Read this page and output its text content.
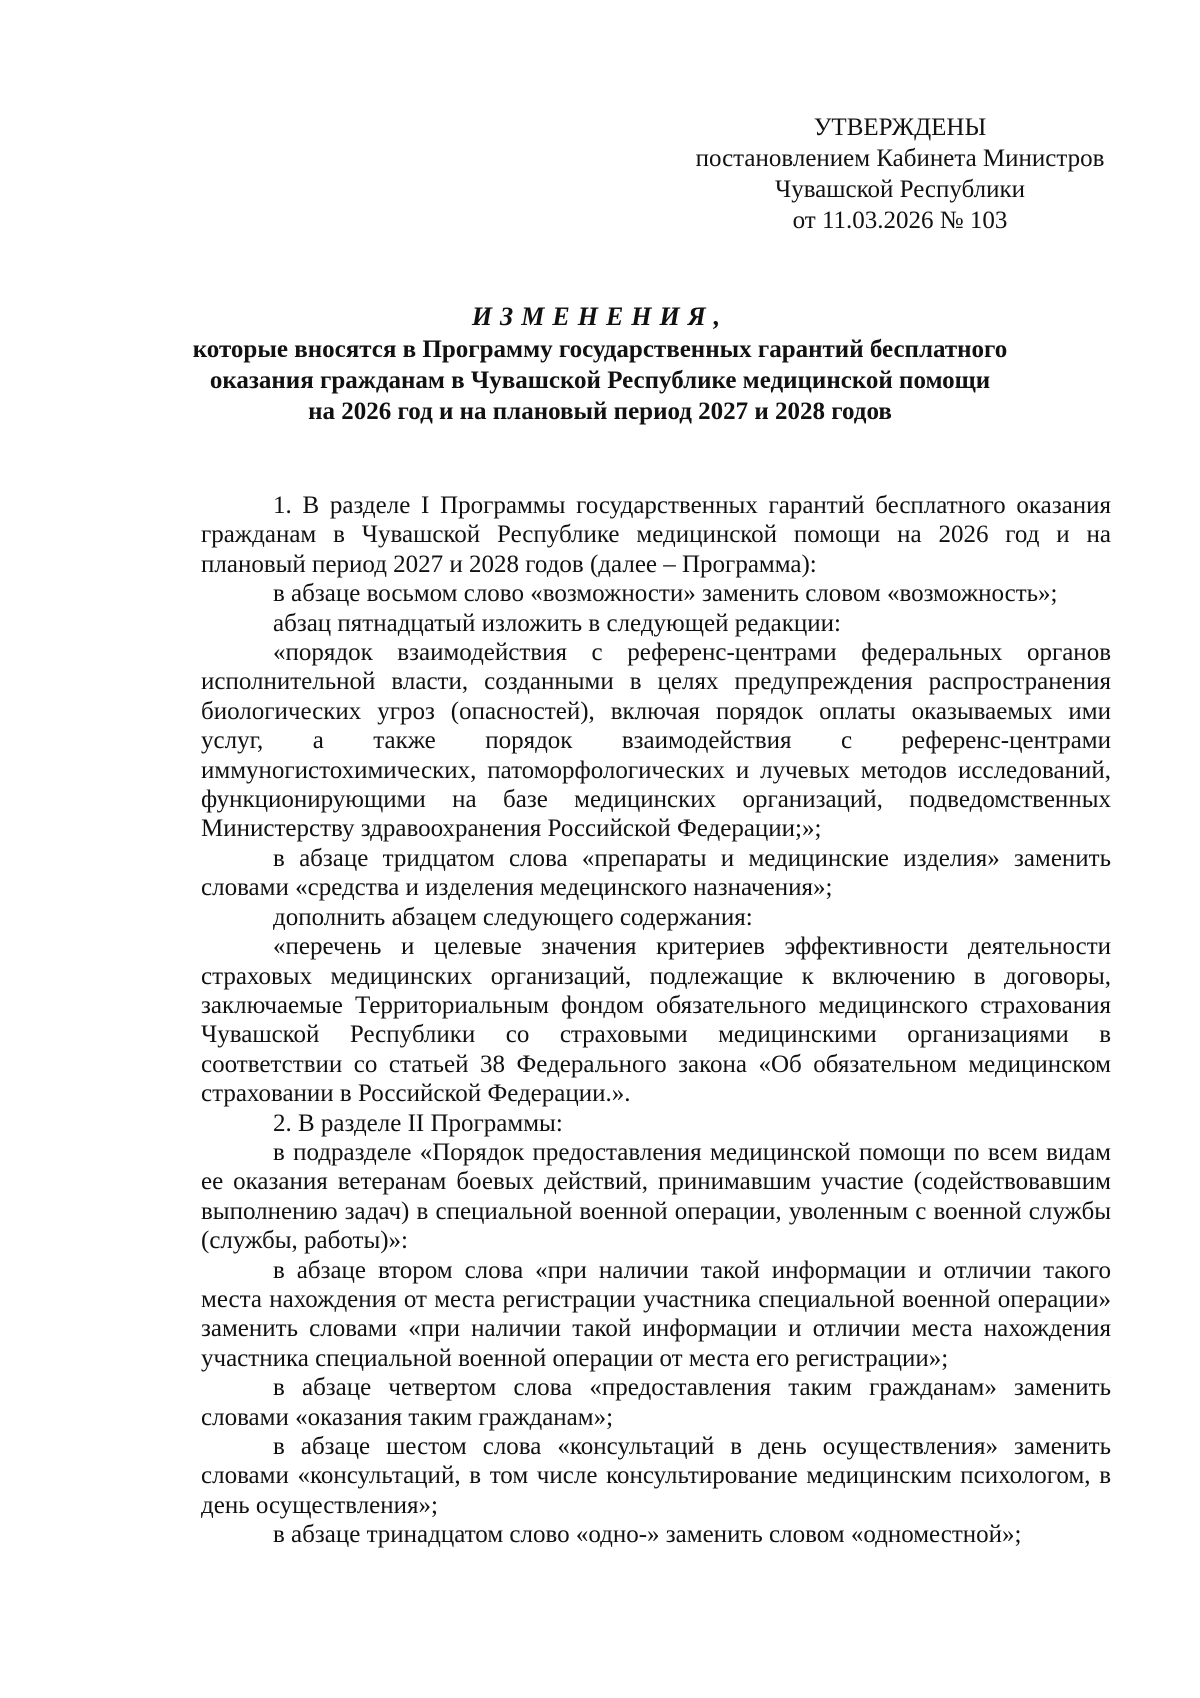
УТВЕРЖДЕНЫ
постановлением Кабинета Министров
Чувашской Республики
от 11.03.2026 № 103
ИЗМЕНЕНИЯ,
которые вносятся в Программу государственных гарантий бесплатного
оказания гражданам в Чувашской Республике медицинской помощи
на 2026 год и на плановый период 2027 и 2028 годов

1. В разделе I Программы государственных гарантий бесплатного оказания гражданам в Чувашской Республике медицинской помощи на 2026 год и на плановый период 2027 и 2028 годов (далее – Программа):

в абзаце восьмом слово «возможности» заменить словом «возможность»;

абзац пятнадцатый изложить в следующей редакции:

«порядок взаимодействия с референс-центрами федеральных органов исполнительной власти, созданными в целях предупреждения распространения биологических угроз (опасностей), включая порядок оплаты оказываемых ими услуг, а также порядок взаимодействия с референс-центрами иммуногистохимических, патоморфологических и лучевых методов исследований, функционирующими на базе медицинских организаций, подведомственных Министерству здравоохранения Российской Федерации;»;

в абзаце тридцатом слова «препараты и медицинские изделия» заменить словами «средства и изделения медецинского назначения»;

дополнить абзацем следующего содержания:

«перечень и целевые значения критериев эффективности деятельности страховых медицинских организаций, подлежащие к включению в договоры, заключаемые Территориальным фондом обязательного медицинского страхования Чувашской Республики со страховыми медицинскими организациями в соответствии со статьей 38 Федерального закона «Об обязательном медицинском страховании в Российской Федерации.».

2. В разделе II Программы:

в подразделе «Порядок предоставления медицинской помощи по всем видам ее оказания ветеранам боевых действий, принимавшим участие (содействовавшим выполнению задач) в специальной военной операции, уволенным с военной службы (службы, работы)»:

в абзаце втором слова «при наличии такой информации и отличии такого места нахождения от места регистрации участника специальной военной операции» заменить словами «при наличии такой информации и отличии места нахождения участника специальной военной операции от места его регистрации»;

в абзаце четвертом слова «предоставления таким гражданам» заменить словами «оказания таким гражданам»;

в абзаце шестом слова «консультаций в день осуществления» заменить словами «консультаций, в том числе консультирование медицинским психологом, в день осуществления»;

в абзаце тринадцатом слово «одно-» заменить словом «одноместной»;
